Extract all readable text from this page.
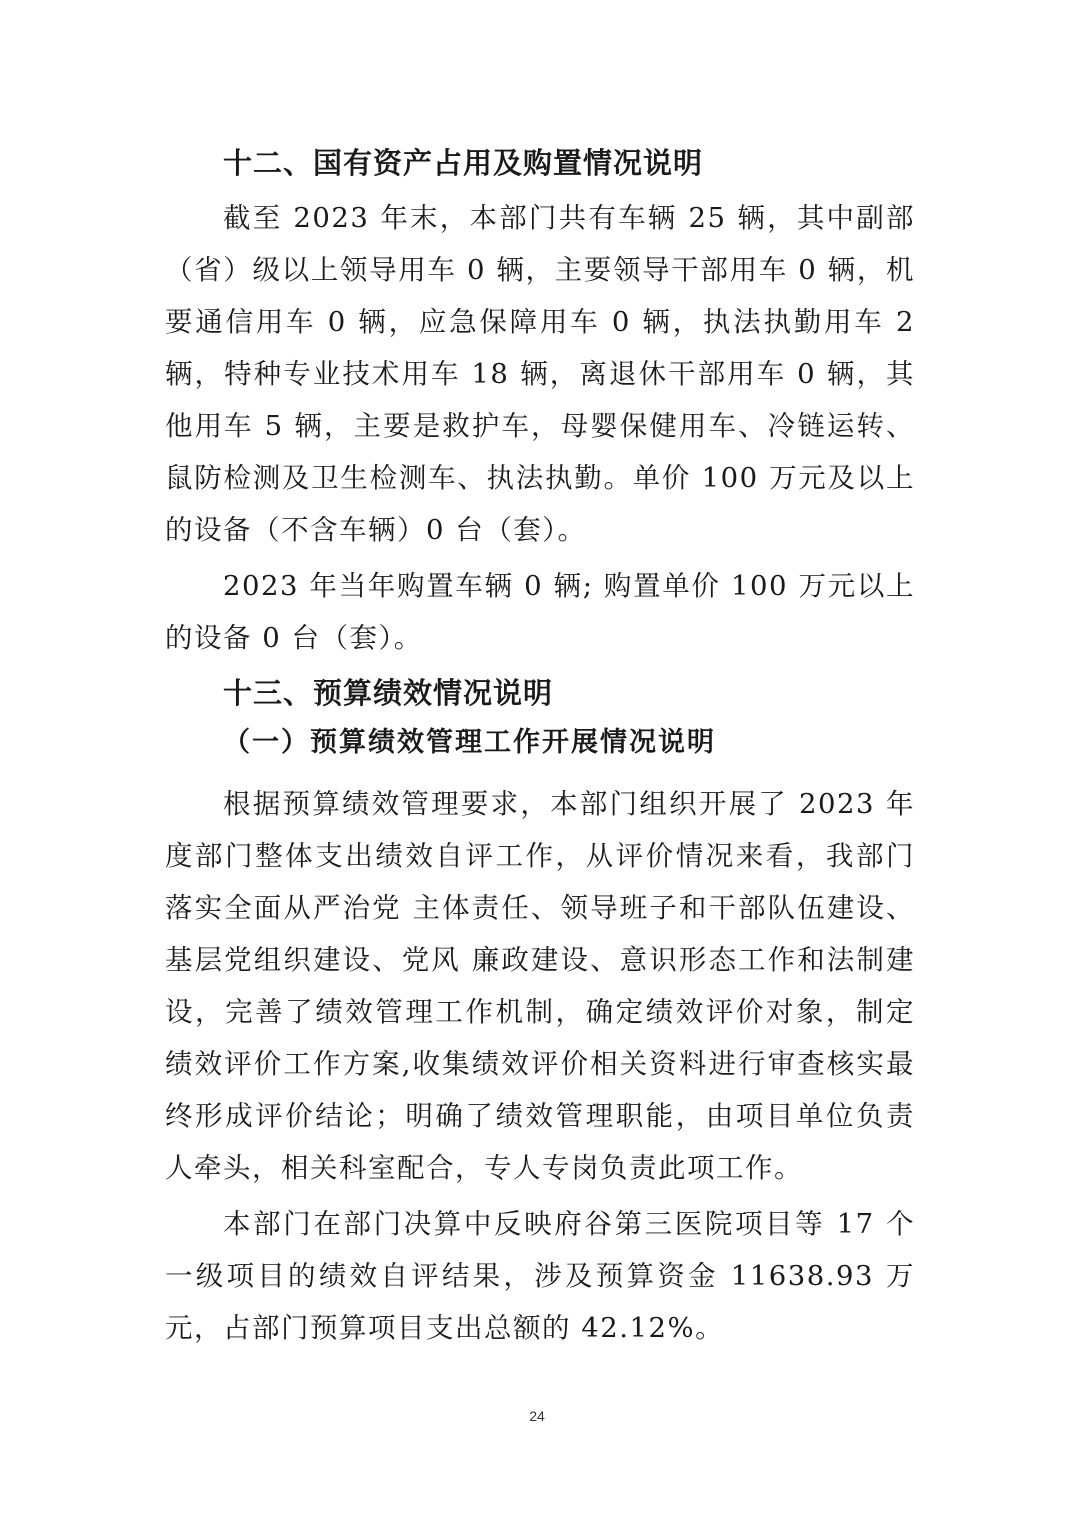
十二、国有资产占用及购置情况说明

截至 2023 年末，本部门共有车辆 25 辆，其中副部（省）级以上领导用车 0 辆，主要领导干部用车 0 辆，机要通信用车 0 辆，应急保障用车 0 辆，执法执勤用车 2 辆，特种专业技术用车 18 辆，离退休干部用车 0 辆，其他用车 5 辆，主要是救护车，母婴保健用车、冷链运转、鼠防检测及卫生检测车、执法执勤。单价 100 万元及以上的设备（不含车辆）0 台（套）。

2023 年当年购置车辆 0 辆; 购置单价 100 万元以上的设备 0 台（套）。

十三、预算绩效情况说明
（一）预算绩效管理工作开展情况说明

根据预算绩效管理要求，本部门组织开展了 2023 年度部门整体支出绩效自评工作，从评价情况来看，我部门落实全面从严治党 主体责任、领导班子和干部队伍建设、基层党组织建设、党风 廉政建设、意识形态工作和法制建设，完善了绩效管理工作机制，确定绩效评价对象，制定绩效评价工作方案,收集绩效评价相关资料进行审查核实最终形成评价结论；明确了绩效管理职能，由项目单位负责人牵头，相关科室配合，专人专岗负责此项工作。

本部门在部门决算中反映府谷第三医院项目等 17 个一级项目的绩效自评结果，涉及预算资金 11638.93 万元，占部门预算项目支出总额的 42.12%。

24
